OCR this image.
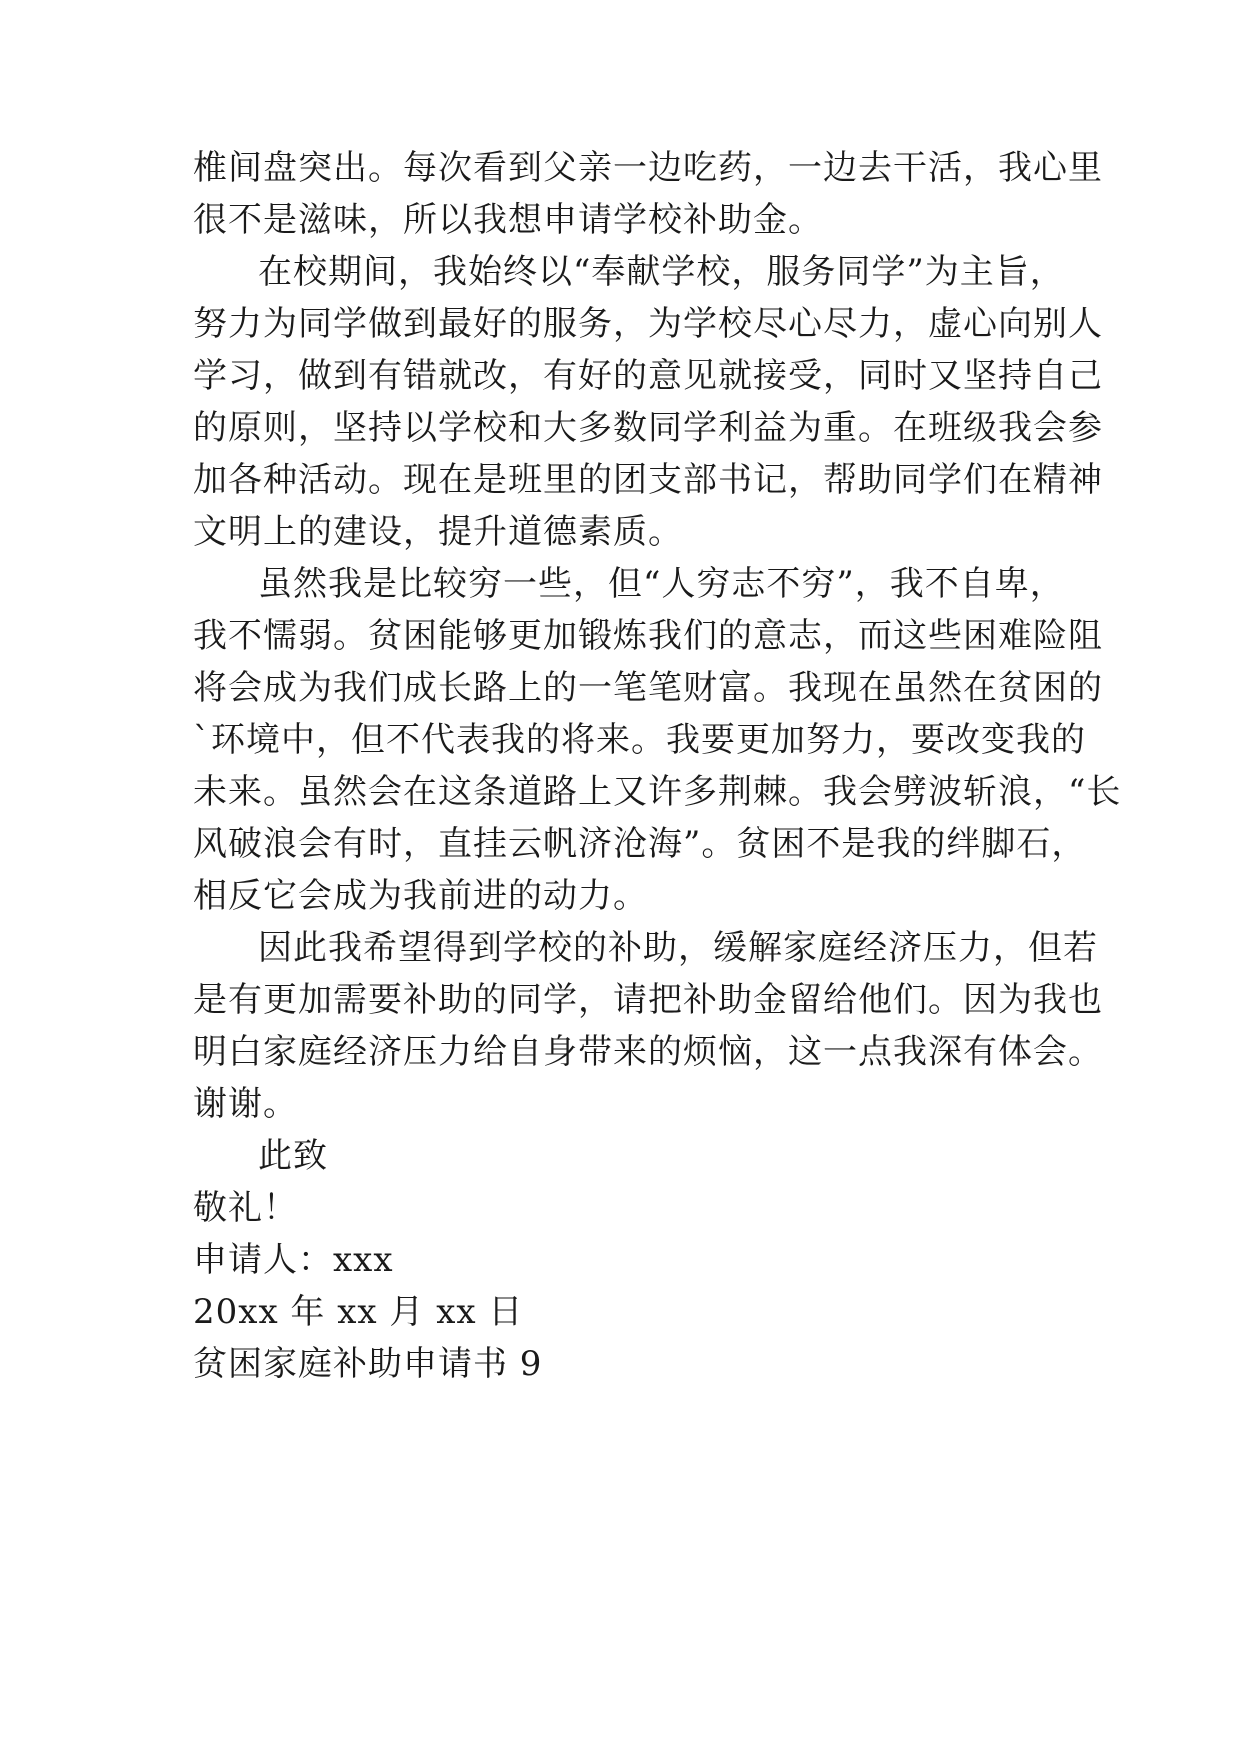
椎间盘突出。每次看到父亲一边吃药，一边去干活，我心里
很不是滋味，所以我想申请学校补助金。
在校期间，我始终以“奉献学校，服务同学”为主旨，
努力为同学做到最好的服务，为学校尽心尽力，虚心向别人
学习，做到有错就改，有好的意见就接受，同时又坚持自己
的原则，坚持以学校和大多数同学利益为重。在班级我会参
加各种活动。现在是班里的团支部书记，帮助同学们在精神
文明上的建设，提升道德素质。
虽然我是比较穷一些，但“人穷志不穷”，我不自卑，
我不懦弱。贫困能够更加锻炼我们的意志，而这些困难险阻
将会成为我们成长路上的一笔笔财富。我现在虽然在贫困的
`环境中，但不代表我的将来。我要更加努力，要改变我的
未来。虽然会在这条道路上又许多荆棘。我会劈波斩浪，“长
风破浪会有时，直挂云帆济沧海”。贫困不是我的绊脚石，
相反它会成为我前进的动力。
因此我希望得到学校的补助，缓解家庭经济压力，但若
是有更加需要补助的同学，请把补助金留给他们。因为我也
明白家庭经济压力给自身带来的烦恼，这一点我深有体会。
谢谢。
此致
敬礼！
申请人：xxx
20xx 年 xx 月 xx 日
贫困家庭补助申请书 9
